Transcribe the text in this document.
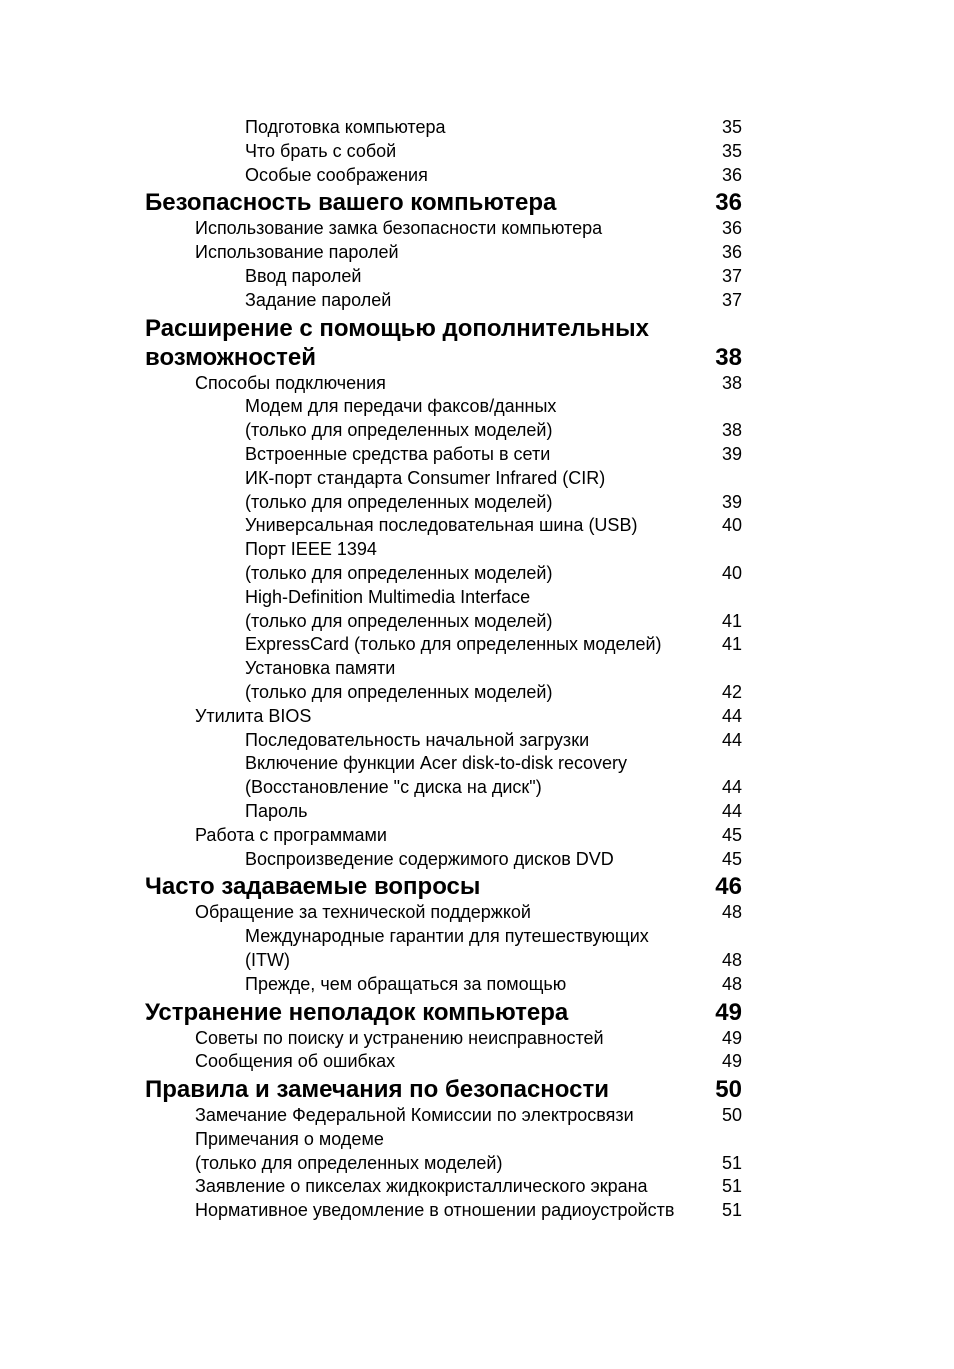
Подготовка компьютера	35
Что брать с собой	35
Особые соображения	36
Безопасность вашего компьютера	36
Использование замка безопасности компьютера	36
Использование паролей	36
Ввод паролей	37
Задание паролей	37
Расширение с помощью дополнительных
возможностей	38
Способы подключения	38
Модем для передачи факсов/данных
(только для определенных моделей)	38
Встроенные средства работы в сети	39
ИК-порт стандарта Consumer Infrared (CIR)
(только для определенных моделей)	39
Универсальная последовательная шина (USB)	40
Порт IEEE 1394
(только для определенных моделей)	40
High-Definition Multimedia Interface
(только для определенных моделей)	41
ExpressCard (только для определенных моделей)	41
Установка памяти
(только для определенных моделей)	42
Утилита BIOS	44
Последовательность начальной загрузки	44
Включение функции Acer disk-to-disk recovery
(Восстановление "с диска на диск")	44
Пароль	44
Работа с программами	45
Воспроизведение содержимого дисков DVD	45
Часто задаваемые вопросы	46
Обращение за технической поддержкой	48
Международные гарантии для путешествующих
(ITW)	48
Прежде, чем обращаться за помощью	48
Устранение неполадок компьютера	49
Советы по поиску и устранению неисправностей	49
Сообщения об ошибках	49
Правила и замечания по безопасности	50
Замечание Федеральной Комиссии по электросвязи	50
Примечания о модеме
(только для определенных моделей)	51
Заявление о пикселах жидкокристаллического экрана	51
Нормативное уведомление в отношении радиоустройств	51
